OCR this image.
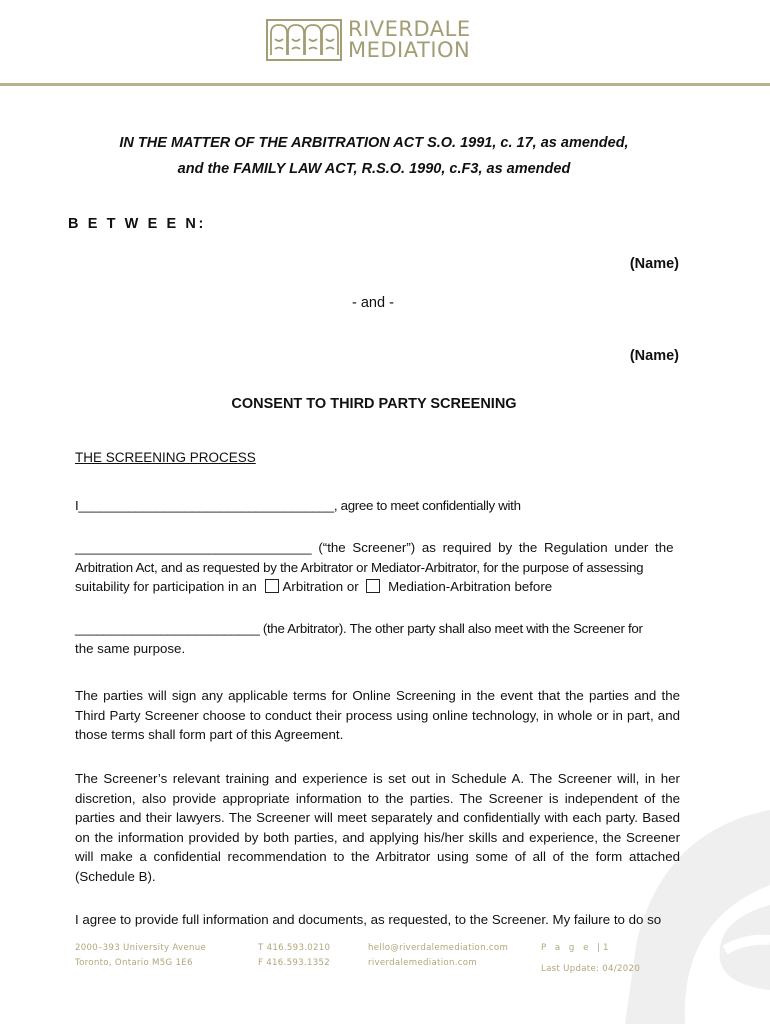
RIVERDALE
MEDIATION
IN THE MATTER OF THE ARBITRATION ACT S.O. 1991, c. 17, as amended,
and the FAMILY LAW ACT, R.S.O. 1990, c.F3, as amended
B E T W E E N:
(Name)
- and -
(Name)
CONSENT TO THIRD PARTY SCREENING
THE SCREENING PROCESS
I____________________________________, agree to meet confidentially with
________________________________ (“the Screener”) as required by the Regulation under the
Arbitration Act, and as requested by the Arbitrator or Mediator-Arbitrator, for the purpose of assessing
suitability for participation in an Arbitration or Mediation-Arbitration before
__________________________ (the Arbitrator). The other party shall also meet with the Screener for
the same purpose.
The parties will sign any applicable terms for Online Screening in the event that the parties and the Third Party Screener choose to conduct their process using online technology, in whole or in part, and those terms shall form part of this Agreement.
The Screener’s relevant training and experience is set out in Schedule A. The Screener will, in her discretion, also provide appropriate information to the parties. The Screener is independent of the parties and their lawyers. The Screener will meet separately and confidentially with each party. Based on the information provided by both parties, and applying his/her skills and experience, the Screener will make a confidential recommendation to the Arbitrator using some of all of the form attached (Schedule B).
I agree to provide full information and documents, as requested, to the Screener. My failure to do so
2000–393 University Avenue
Toronto, Ontario M5G 1E6
T 416.593.0210
F 416.593.1352
hello@riverdalemediation.com
riverdalemediation.com
P a g e |1
Last Update: 04/2020
